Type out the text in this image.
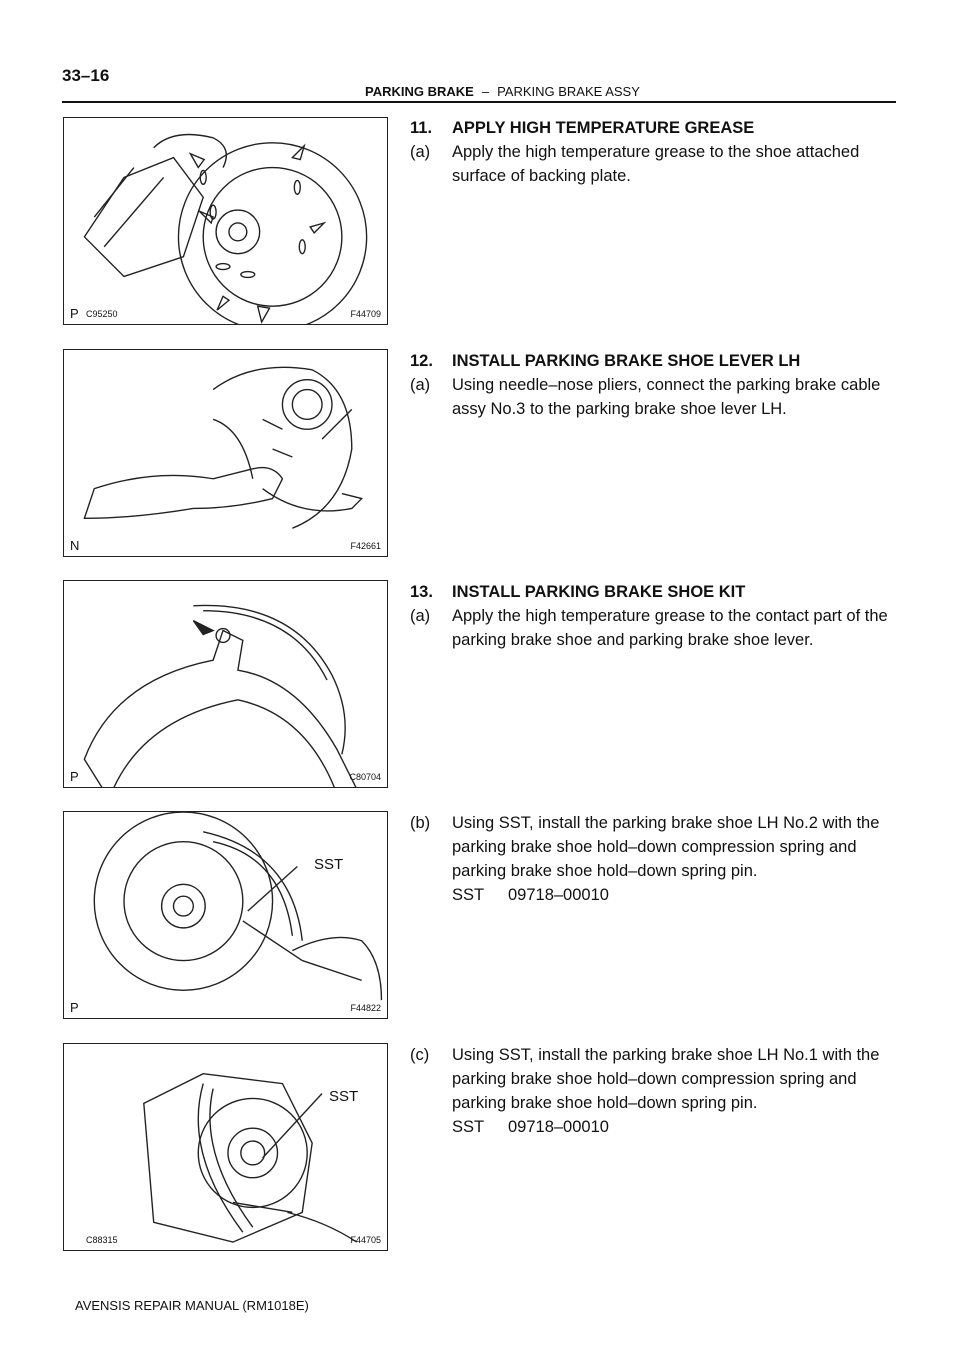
33–16
PARKING BRAKE – PARKING BRAKE ASSY
P C95250	F44709
N	F42661
P	C80704
SST
P	F44822
SST
C88315	F44705

11. APPLY HIGH TEMPERATURE GREASE

(a) Apply the high temperature grease to the shoe attached surface of backing plate.

12. INSTALL PARKING BRAKE SHOE LEVER LH

(a) Using needle–nose pliers, connect the parking brake cable assy No.3 to the parking brake shoe lever LH.

13. INSTALL PARKING BRAKE SHOE KIT

(a) Apply the high temperature grease to the contact part of the parking brake shoe and parking brake shoe lever.

(b) Using SST, install the parking brake shoe LH No.2 with the parking brake shoe hold–down compression spring and parking brake shoe hold–down spring pin.
SST 09718–00010

(c) Using SST, install the parking brake shoe LH No.1 with the parking brake shoe hold–down compression spring and parking brake shoe hold–down spring pin.
SST 09718–00010

AVENSIS REPAIR MANUAL (RM1018E)
